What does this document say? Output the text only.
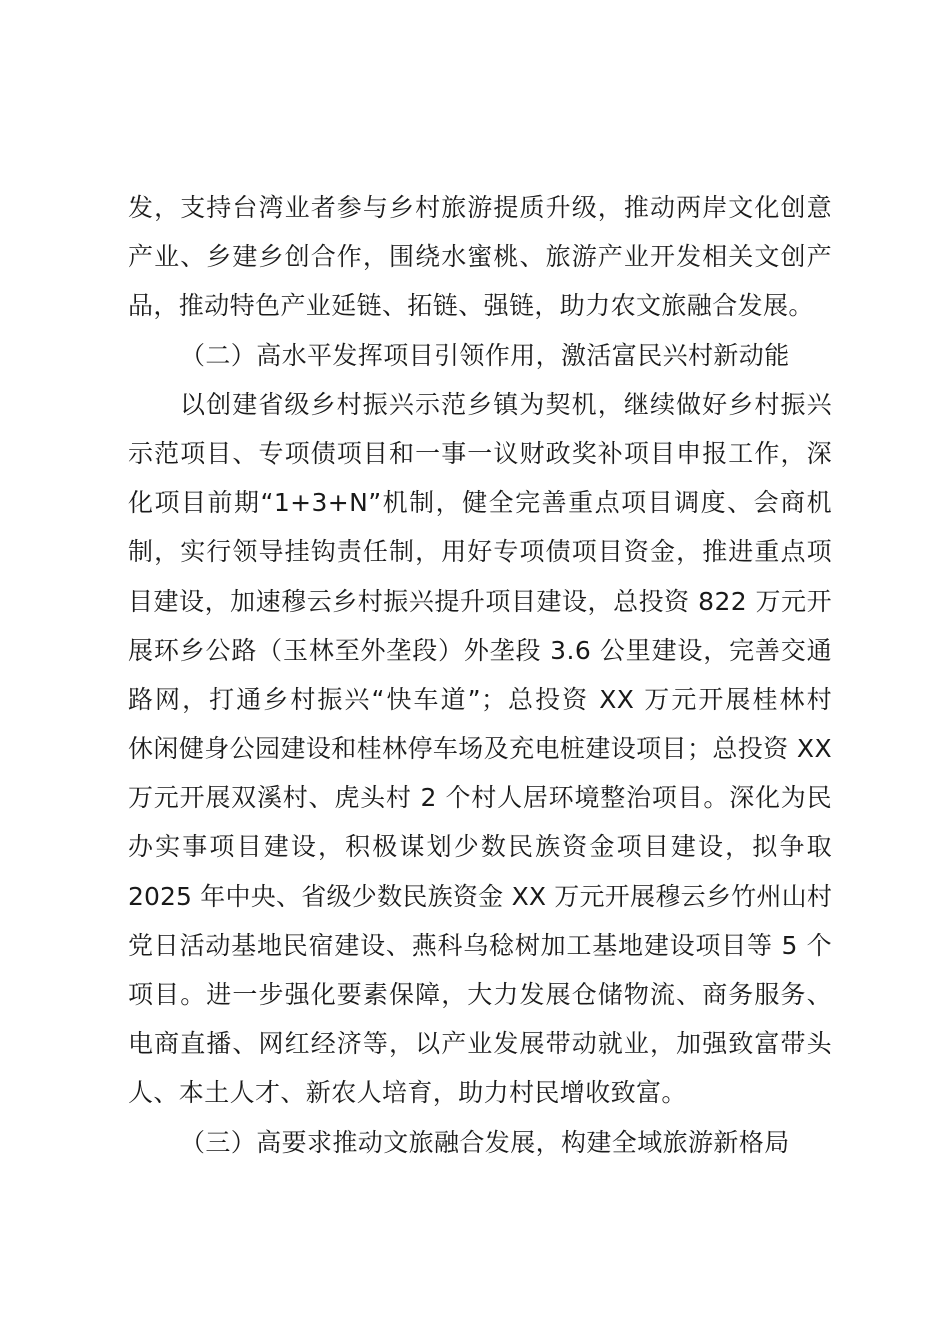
发，支持台湾业者参与乡村旅游提质升级，推动两岸文化创意
产业、乡建乡创合作，围绕水蜜桃、旅游产业开发相关文创产
品，推动特色产业延链、拓链、强链，助力农文旅融合发展。
（二）高水平发挥项目引领作用，激活富民兴村新动能
以创建省级乡村振兴示范乡镇为契机，继续做好乡村振兴
示范项目、专项债项目和一事一议财政奖补项目申报工作，深
化项目前期“1+3+N”机制，健全完善重点项目调度、会商机
制，实行领导挂钩责任制，用好专项债项目资金，推进重点项
目建设，加速穆云乡村振兴提升项目建设，总投资 822 万元开
展环乡公路（玉林至外垄段）外垄段 3.6 公里建设，完善交通
路网，打通乡村振兴“快车道”；总投资 XX 万元开展桂林村
休闲健身公园建设和桂林停车场及充电桩建设项目；总投资 XX
万元开展双溪村、虎头村 2 个村人居环境整治项目。深化为民
办实事项目建设，积极谋划少数民族资金项目建设，拟争取
2025 年中央、省级少数民族资金 XX 万元开展穆云乡竹州山村
党日活动基地民宿建设、燕科乌稔树加工基地建设项目等 5 个
项目。进一步强化要素保障，大力发展仓储物流、商务服务、
电商直播、网红经济等，以产业发展带动就业，加强致富带头
人、本土人才、新农人培育，助力村民增收致富。
（三）高要求推动文旅融合发展，构建全域旅游新格局
